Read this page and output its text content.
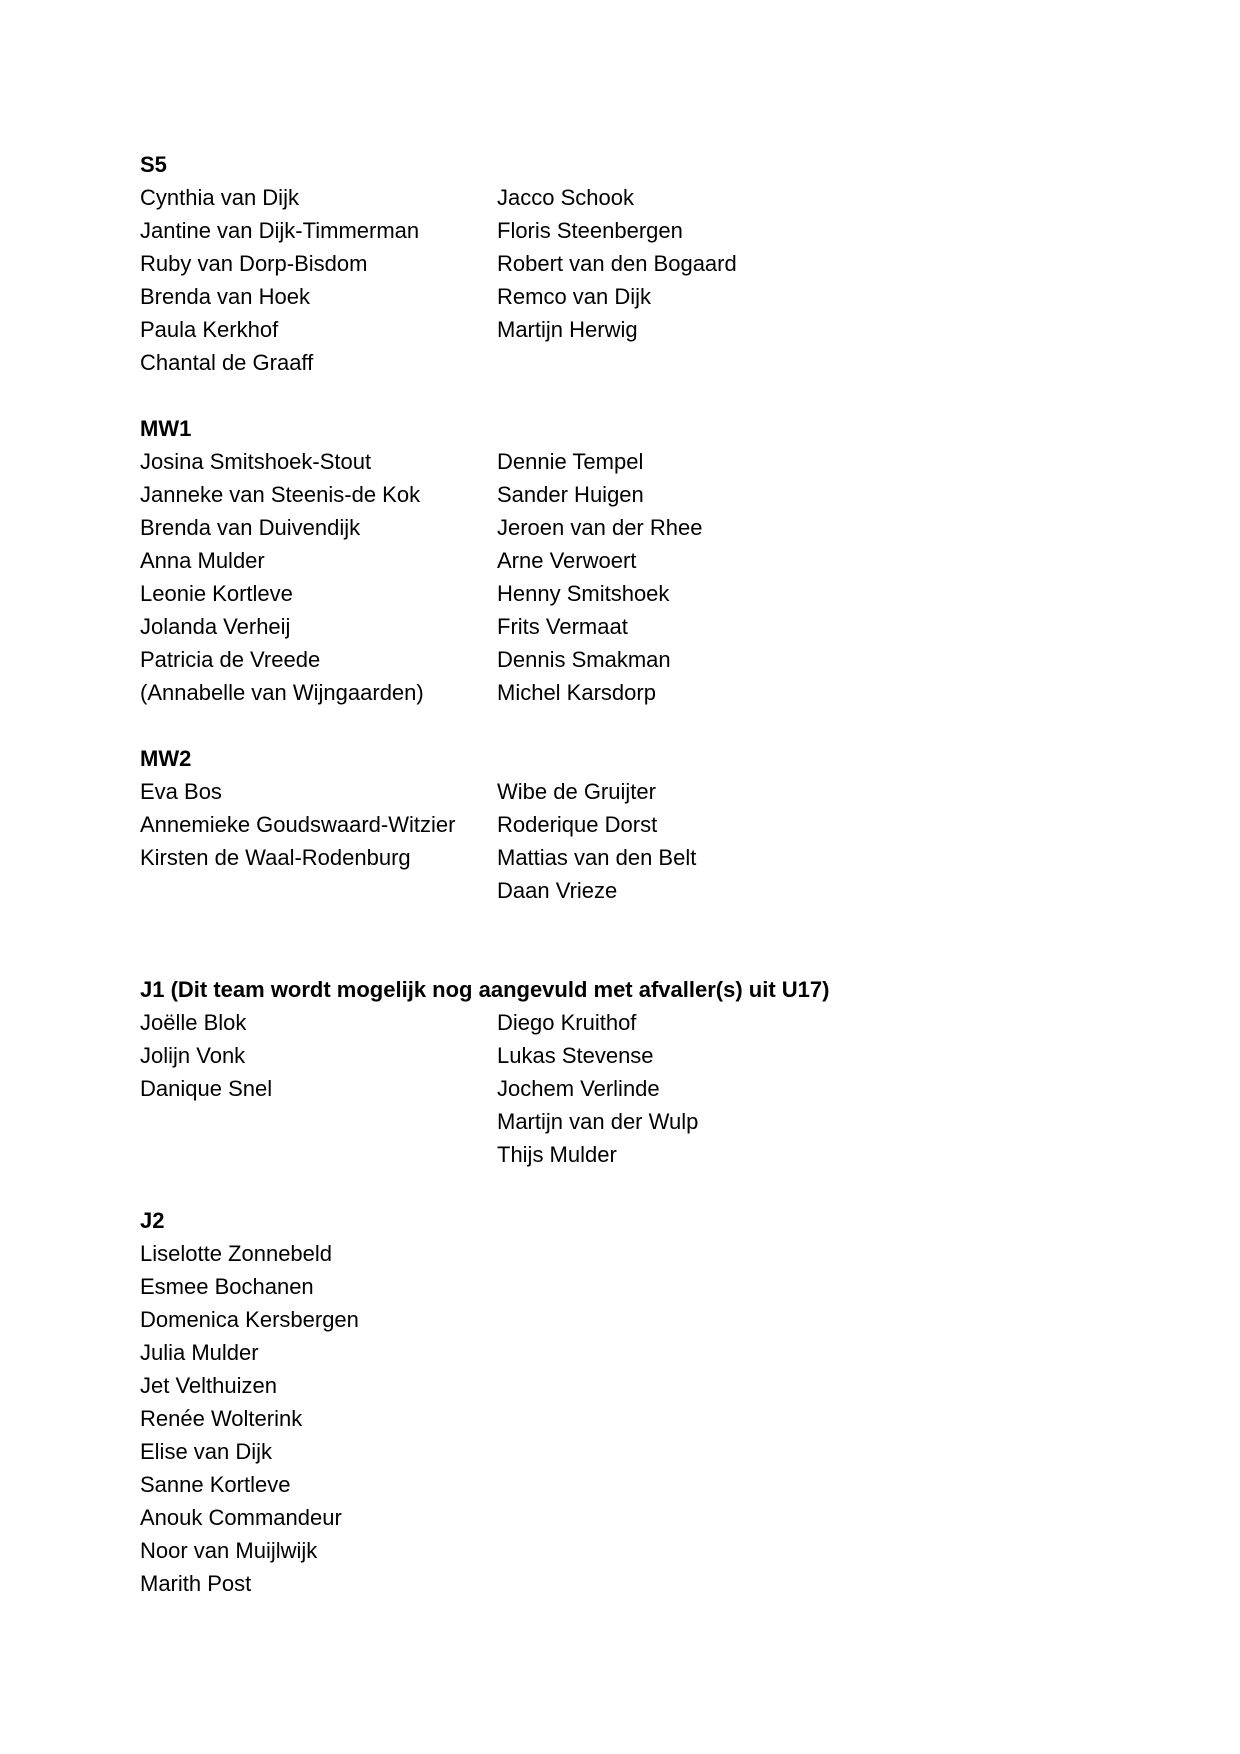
S5
Cynthia van Dijk
Jantine van Dijk-Timmerman
Ruby van Dorp-Bisdom
Brenda van Hoek
Paula Kerkhof
Chantal de Graaff
Jacco Schook
Floris Steenbergen
Robert van den Bogaard
Remco van Dijk
Martijn Herwig
MW1
Josina Smitshoek-Stout
Janneke van Steenis-de Kok
Brenda van Duivendijk
Anna Mulder
Leonie Kortleve
Jolanda Verheij
Patricia de Vreede
(Annabelle van Wijngaarden)
Dennie Tempel
Sander Huigen
Jeroen van der Rhee
Arne Verwoert
Henny Smitshoek
Frits Vermaat
Dennis Smakman
Michel Karsdorp
MW2
Eva Bos
Annemieke Goudswaard-Witzier
Kirsten de Waal-Rodenburg
Wibe de Gruijter
Roderique Dorst
Mattias van den Belt
Daan Vrieze
J1 (Dit team wordt mogelijk nog aangevuld met afvaller(s) uit U17)
Joëlle Blok
Jolijn Vonk
Danique Snel
Diego Kruithof
Lukas Stevense
Jochem Verlinde
Martijn van der Wulp
Thijs Mulder
J2
Liselotte Zonnebeld
Esmee Bochanen
Domenica Kersbergen
Julia Mulder
Jet Velthuizen
Renée Wolterink
Elise van Dijk
Sanne Kortleve
Anouk Commandeur
Noor van Muijlwijk
Marith Post
